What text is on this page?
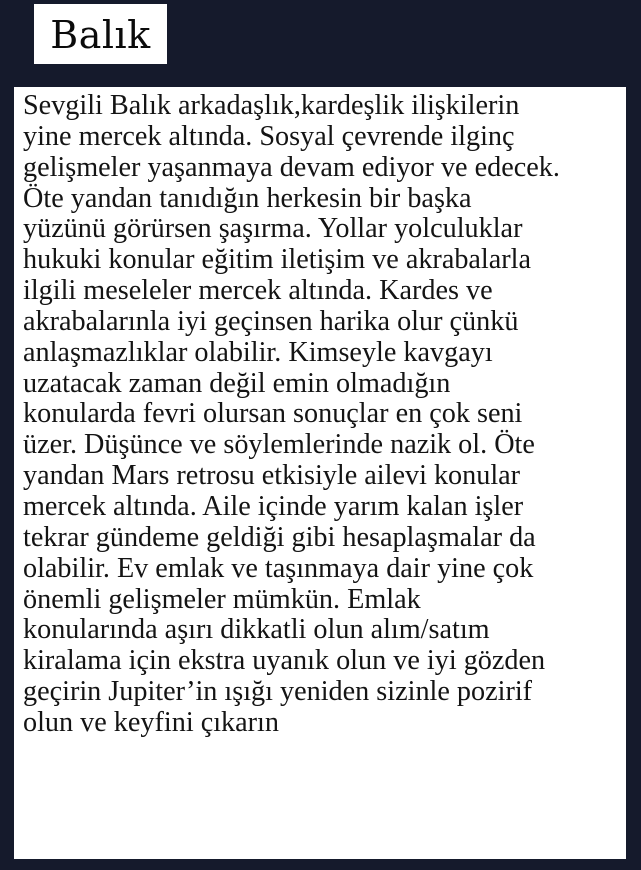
Balık
Sevgili Balık arkadaşlık,kardeşlik ilişkilerin
yine mercek altında. Sosyal çevrende ilginç
gelişmeler yaşanmaya devam ediyor ve edecek.
Öte yandan tanıdığın herkesin bir başka
yüzünü görürsen şaşırma. Yollar yolculuklar
hukuki konular eğitim iletişim ve akrabalarla
ilgili meseleler mercek altında. Kardes ve
akrabalarınla iyi geçinsen harika olur çünkü
anlaşmazlıklar olabilir. Kimseyle kavgayı
uzatacak zaman değil emin olmadığın
konularda fevri olursan sonuçlar en çok seni
üzer. Düşünce ve söylemlerinde nazik ol. Öte
yandan Mars retrosu etkisiyle ailevi konular
mercek altında. Aile içinde yarım kalan işler
tekrar gündeme geldiği gibi hesaplaşmalar da
olabilir. Ev emlak ve taşınmaya dair yine çok
önemli gelişmeler mümkün. Emlak
konularında aşırı dikkatli olun alım/satım
kiralama için ekstra uyanık olun ve iyi gözden
geçirin Jupiter’in ışığı yeniden sizinle pozirif
olun ve keyfini çıkarın
